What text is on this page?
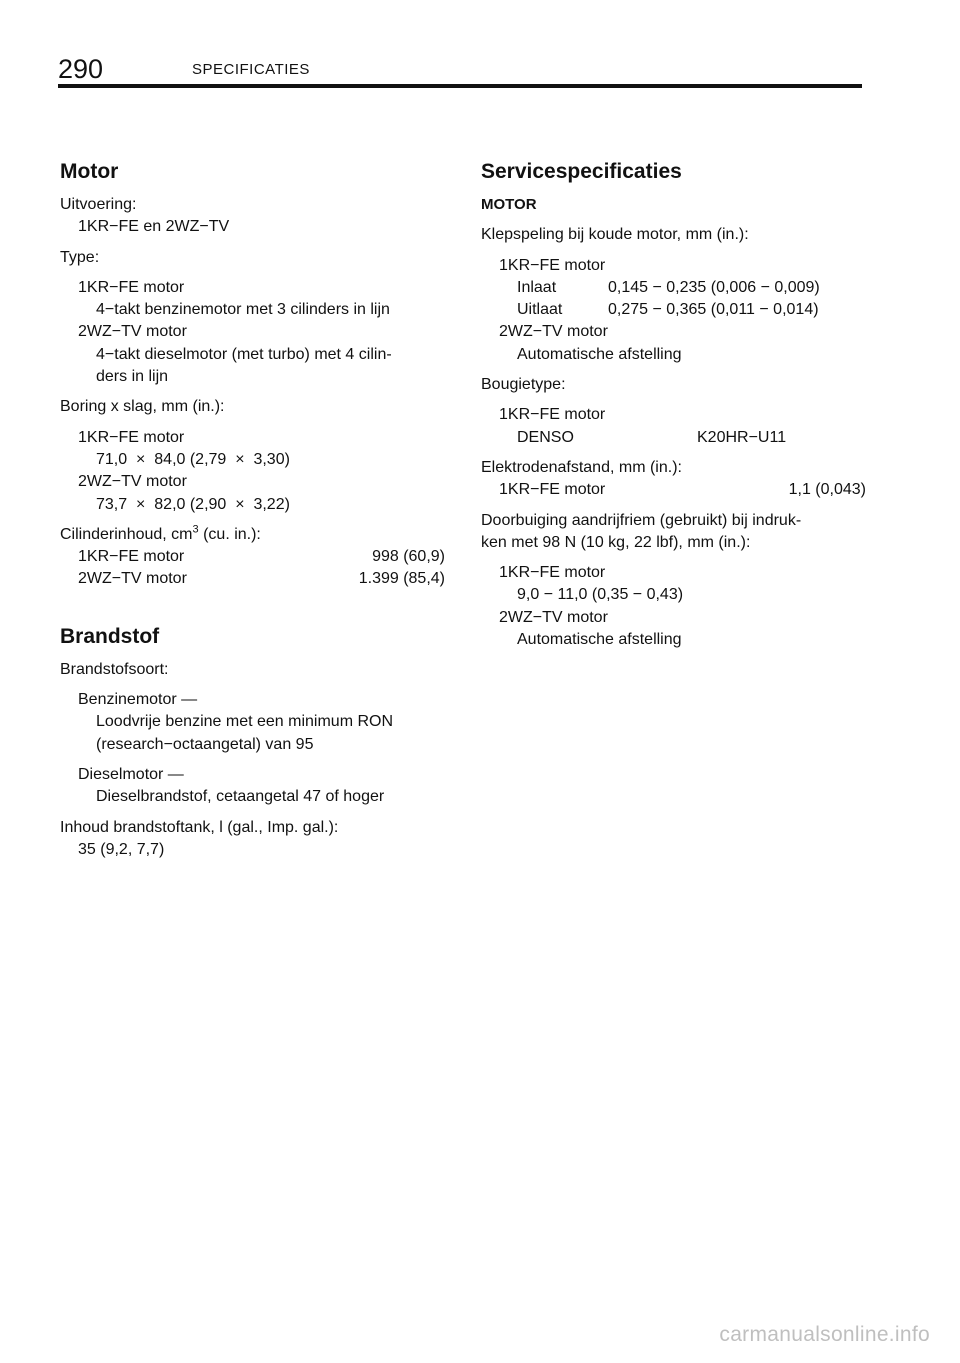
290	SPECIFICATIES
Motor
Uitvoering:
1KR−FE en 2WZ−TV
Type:
1KR−FE motor
4−takt benzinemotor met 3 cilinders in lijn
2WZ−TV motor
4−takt dieselmotor (met turbo) met 4 cilin-
ders in lijn
Boring x slag, mm (in.):
1KR−FE motor
71,0  ×  84,0 (2,79  ×  3,30)
2WZ−TV motor
73,7  ×  82,0 (2,90  ×  3,22)
Cilinderinhoud, $cm^3$ (cu. in.):
1KR−FE motor	998 (60,9)
2WZ−TV motor	1.399 (85,4)
Brandstof
Brandstofsoort:
Benzinemotor —
Loodvrije benzine met een minimum RON
(research−octaangetal) van 95
Dieselmotor —
Dieselbrandstof, cetaangetal 47 of hoger
Inhoud brandstoftank, l (gal., Imp. gal.):
35 (9,2, 7,7)
Servicespecificaties
MOTOR
Klepspeling bij koude motor, mm (in.):
1KR−FE motor
Inlaat	0,145 − 0,235 (0,006 − 0,009)
Uitlaat	0,275 − 0,365 (0,011 − 0,014)
2WZ−TV motor
Automatische afstelling
Bougietype:
1KR−FE motor
DENSO	K20HR−U11
Elektrodenafstand, mm (in.):
1KR−FE motor	1,1 (0,043)
Doorbuiging aandrijfriem (gebruikt) bij indruk-
ken met 98 N (10 kg, 22 lbf), mm (in.):
1KR−FE motor
9,0 − 11,0 (0,35 − 0,43)
2WZ−TV motor
Automatische afstelling
carmanualsonline.info
